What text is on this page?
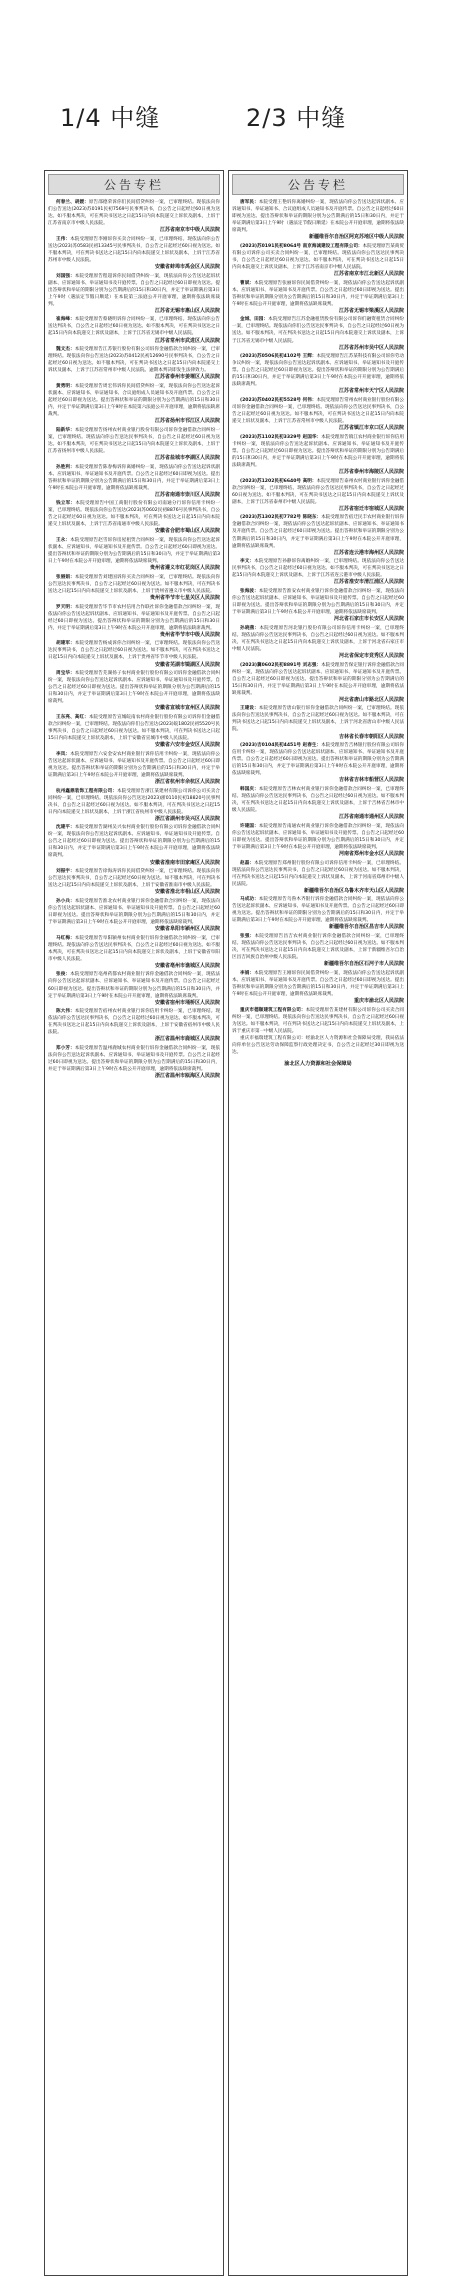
1/4 中缝	2/3 中缝
公告专栏

何春兰、胡媛：原告邵德荣诉你们民间借贷纠纷一案，已审理终结。现依法向你们公告送达(2023)苏0191民初7569号民事判决书，自公告之日起经过60日视为送达。如不服本判决，可在判决书送达之日起15日内向本院递交上诉状及副本，上诉于江苏省南京市中级人民法院。

江苏省南京市中级人民法院

王伟：本院受理原告李刚诉你买卖合同纠纷一案，已审理终结。现依法向你公告送达(2023)苏0583民初13345号民事判决书，自公告之日起经过60日视为送达。如不服本判决，可在判决书送达之日起15日内向本院递交上诉状及副本，上诉于江苏省苏州市中级人民法院。

安徽省蚌埠市禹会区人民法院

刘国强：本院受理原告程超诉你民间借贷纠纷一案，现依法向你公告送达起诉状副本、应诉通知书、举证通知书及开庭传票。自公告之日起经过60日即视为送达。提出答辩状和举证的期限分别为公告期满后的15日和30日内，并定于举证期满后第3日上午9时（遇法定节假日顺延）在本院第三法庭公开开庭审理，逾期将依法缺席裁判。

江苏省无锡市惠山区人民法院

崔海峰：本院受理原告蔡晓明诉你合同纠纷一案，已审理终结。现依法向你公告送达判决书，自公告之日起经过60日视为送达。如不服本判决，可在判决书送达之日起15日内向本院递交上诉状及副本，上诉于江苏省无锡市中级人民法院。

江苏省常州市武进区人民法院

魏文杰：本院受理原告江苏银行股份有限公司诉你金融借款合同纠纷一案，已审理终结。现依法向你公告送达(2023)苏0412民初12690号民事判决书，自公告之日起经过60日视为送达。如不服本判决，可在判决书送达之日起15日内向本院递交上诉状及副本，上诉于江苏省常州市中级人民法院。逾期本判决即发生法律效力。

江苏省泰州市姜堰区人民法院

黄勇明：本院受理原告周宏伟诉你民间借贷纠纷一案，现依法向你公告送达起诉状副本、应诉通知书、举证通知书、合议庭组成人员通知书及开庭传票。自公告之日起经过60日即视为送达。提出答辩状和举证的期限分别为公告期满后的15日和30日内，并定于举证期满后第3日上午9时在本院第六法庭公开开庭审理，逾期将依法缺席裁判。

江苏省扬州市邗江区人民法院

陆新华：本院受理原告扬州农村商业银行股份有限公司诉你金融借款合同纠纷一案，已审理终结。现依法向你公告送达民事判决书，自公告之日起经过60日视为送达。如不服本判决，可在判决书送达之日起15日内向本院递交上诉状及副本，上诉于江苏省扬州市中级人民法院。

江苏省盐城市亭湖区人民法院

孙胜利：本院受理原告陈春梅诉你离婚纠纷一案，现依法向你公告送达起诉状副本、应诉通知书、举证通知书及开庭传票。自公告之日起经过60日即视为送达。提出答辩状和举证的期限分别为公告期满后的15日和30日内，并定于举证期满后第3日上午9时在本院公开开庭审理，逾期将依法缺席裁判。

江苏省南通市崇川区人民法院

钱立军：本院受理原告中国工商银行股份有限公司南通分行诉你信用卡纠纷一案，已审理终结。现依法向你公告送达(2023)苏0602民初8876号民事判决书，自公告之日起经过60日视为送达。如不服本判决，可在判决书送达之日起15日内向本院递交上诉状及副本，上诉于江苏省南通市中级人民法院。

安徽省合肥市蜀山区人民法院

王永：本院受理原告赵雪诉你房屋租赁合同纠纷一案，现依法向你公告送达起诉状副本、应诉通知书、举证通知书及开庭传票。自公告之日起经过60日即视为送达。提出答辩状和举证的期限分别为公告期满后的15日和30日内，并定于举证期满后第3日上午9时在本院公开开庭审理，逾期将依法缺席裁判。

贵州省遵义市红花岗区人民法院

张丽娟：本院受理原告刘建国诉你买卖合同纠纷一案，已审理终结。现依法向你公告送达民事判决书，自公告之日起经过60日视为送达。如不服本判决，可在判决书送达之日起15日内向本院递交上诉状及副本，上诉于贵州省遵义市中级人民法院。

贵州省毕节市七星关区人民法院

罗天明：本院受理原告毕节市农村信用合作联社诉你金融借款合同纠纷一案，现依法向你公告送达起诉状副本、应诉通知书、举证通知书及开庭传票。自公告之日起经过60日即视为送达。提出答辩状和举证的期限分别为公告期满后的15日和30日内，并定于举证期满后第3日上午9时在本院公开开庭审理，逾期将依法缺席裁判。

贵州省毕节市中级人民法院

胡建军：本院受理原告杨成诉你合同纠纷一案，已审理终结。现依法向你公告送达民事判决书，自公告之日起经过60日视为送达。如不服本判决，可在判决书送达之日起15日内向本院递交上诉状及副本，上诉于贵州省毕节市中级人民法院。

安徽省芜湖市镜湖区人民法院

周宝华：本院受理原告芜湖扬子农村商业银行股份有限公司诉你金融借款合同纠纷一案，现依法向你公告送达起诉状副本、应诉通知书、举证通知书及开庭传票。自公告之日起经过60日即视为送达。提出答辩状和举证的期限分别为公告期满后的15日和30日内，并定于举证期满后第3日上午9时在本院公开开庭审理，逾期将依法缺席裁判。

安徽省宣城市宣州区人民法院

王东亮、高红：本院受理原告宣城皖南农村商业银行股份有限公司诉你们金融借款合同纠纷一案，已审理终结。现依法向你们公告送达(2023)皖1802民初5520号民事判决书，自公告之日起经过60日视为送达。如不服本判决，可在判决书送达之日起15日内向本院递交上诉状及副本，上诉于安徽省宣城市中级人民法院。

安徽省六安市金安区人民法院

李凤：本院受理原告六安金安农村商业银行诉你信用卡纠纷一案，现依法向你公告送达起诉状副本、应诉通知书、举证通知书及开庭传票。自公告之日起经过60日即视为送达。提出答辩状和举证的期限分别为公告期满后的15日和30日内，并定于举证期满后第3日上午9时在本院公开开庭审理，逾期将依法缺席裁判。

浙江省杭州市余杭区人民法院

杭州鑫鼎装饰工程有限公司：本院受理原告浙江某建材有限公司诉你公司买卖合同纠纷一案，已审理终结。现依法向你公告送达(2023)浙0110民初18820号民事判决书，自公告之日起经过60日视为送达。如不服本判决，可在判决书送达之日起15日内向本院递交上诉状及副本，上诉于浙江省杭州市中级人民法院。

浙江省湖州市吴兴区人民法院

沈建平：本院受理原告湖州吴兴农村商业银行股份有限公司诉你金融借款合同纠纷一案，现依法向你公告送达起诉状副本、应诉通知书、举证通知书及开庭传票。自公告之日起经过60日即视为送达。提出答辩状和举证的期限分别为公告期满后的15日和30日内，并定于举证期满后第3日上午9时在本院公开开庭审理，逾期将依法缺席裁判。

安徽省淮南市田家庵区人民法院

刘振宇：本院受理原告徐海涛诉你民间借贷纠纷一案，已审理终结。现依法向你公告送达民事判决书，自公告之日起经过60日视为送达。如不服本判决，可在判决书送达之日起15日内向本院递交上诉状及副本，上诉于安徽省淮南市中级人民法院。

安徽省淮北市相山区人民法院

孙小兵：本院受理原告淮北农村商业银行诉你金融借款合同纠纷一案，现依法向你公告送达起诉状副本、应诉通知书、举证通知书及开庭传票。自公告之日起经过60日即视为送达。提出答辩状和举证的期限分别为公告期满后的15日和30日内，并定于举证期满后第3日上午9时在本院公开开庭审理，逾期将依法缺席裁判。

安徽省阜阳市颍州区人民法院

马红梅：本院受理原告阜阳颍州农村商业银行诉你金融借款合同纠纷一案，已审理终结。现依法向你公告送达民事判决书，自公告之日起经过60日视为送达。如不服本判决，可在判决书送达之日起15日内向本院递交上诉状及副本，上诉于安徽省阜阳市中级人民法院。

安徽省亳州市谯城区人民法院

张俊：本院受理原告亳州药都农村商业银行诉你金融借款合同纠纷一案，现依法向你公告送达起诉状副本、应诉通知书、举证通知书及开庭传票。自公告之日起经过60日即视为送达。提出答辩状和举证的期限分别为公告期满后的15日和30日内，并定于举证期满后第3日上午9时在本院公开开庭审理，逾期将依法缺席裁判。

安徽省宿州市埇桥区人民法院

陈大伟：本院受理原告宿州农村商业银行诉你信用卡纠纷一案，已审理终结。现依法向你公告送达民事判决书，自公告之日起经过60日视为送达。如不服本判决，可在判决书送达之日起15日内向本院递交上诉状及副本，上诉于安徽省宿州市中级人民法院。

浙江省温州市鹿城区人民法院

郑小芳：本院受理原告温州鹿城农村商业银行诉你金融借款合同纠纷一案，现依法向你公告送达起诉状副本、应诉通知书、举证通知书及开庭传票。自公告之日起经过60日即视为送达。提出答辩状和举证的期限分别为公告期满后的15日和30日内，并定于举证期满后第3日上午9时在本院公开开庭审理，逾期将依法缺席裁判。

浙江省温州市瓯海区人民法院

公告专栏

唐军民：本院受理王艳诉你离婚纠纷一案，现依法向你公告送达起诉状副本、应诉通知书、举证通知书、合议庭组成人员通知书及开庭传票。自公告之日起经过60日即视为送达。提出答辩状和举证的期限分别为公告期满后的15日和30日内，并定于举证期满后第3日上午9时（遇法定节假日顺延）在本院公开开庭审理，逾期将依法缺席裁判。

新疆维吾尔自治区阿克苏地区中级人民法院

(2023)苏0191民初8064号 南京海诚建设工程有限公司：本院受理原告某商贸有限公司诉你公司买卖合同纠纷一案，已审理终结。现依法向你公告送达民事判决书，自公告之日起经过60日视为送达。如不服本判决，可在判决书送达之日起15日内向本院递交上诉状及副本，上诉于江苏省南京市中级人民法院。

江苏省南京市江北新区人民法院

曹斌：本院受理原告张丽诉你民间借贷纠纷一案，现依法向你公告送达起诉状副本、应诉通知书、举证通知书及开庭传票。自公告之日起经过60日即视为送达。提出答辩状和举证的期限分别为公告期满后的15日和30日内，并定于举证期满后第3日上午9时在本院公开开庭审理，逾期将依法缺席裁判。

江苏省无锡市梁溪区人民法院

金城、田园：本院受理原告江苏金融租赁股份有限公司诉你们融资租赁合同纠纷一案，已审理终结。现依法向你们公告送达民事判决书，自公告之日起经过60日视为送达。如不服本判决，可在判决书送达之日起15日内向本院递交上诉状及副本，上诉于江苏省无锡市中级人民法院。

江苏省苏州市吴中区人民法院

(2023)苏0506民初4102号 王辉：本院受理原告江苏某科技有限公司诉你劳动争议纠纷一案，现依法向你公告送达起诉状副本、应诉通知书、举证通知书及开庭传票。自公告之日起经过60日即视为送达。提出答辩状和举证的期限分别为公告期满后的15日和30日内，并定于举证期满后第3日上午9时在本院公开开庭审理，逾期将依法缺席裁判。

江苏省常州市天宁区人民法院

(2023)苏0402民初5528号 何伟：本院受理原告常州农村商业银行股份有限公司诉你金融借款合同纠纷一案，已审理终结。现依法向你公告送达民事判决书，自公告之日起经过60日视为送达。如不服本判决，可在判决书送达之日起15日内向本院递交上诉状及副本，上诉于江苏省常州市中级人民法院。

江苏省镇江市京口区人民法院

(2023)苏1102民初3329号 赵国华：本院受理原告镇江农村商业银行诉你信用卡纠纷一案，现依法向你公告送达起诉状副本、应诉通知书、举证通知书及开庭传票。自公告之日起经过60日即视为送达。提出答辩状和举证的期限分别为公告期满后的15日和30日内，并定于举证期满后第3日上午9时在本院公开开庭审理，逾期将依法缺席裁判。

江苏省泰州市海陵区人民法院

(2023)苏1202民初6640号 高明：本院受理原告泰州农村商业银行诉你金融借款合同纠纷一案，已审理终结。现依法向你公告送达民事判决书，自公告之日起经过60日视为送达。如不服本判决，可在判决书送达之日起15日内向本院递交上诉状及副本，上诉于江苏省泰州市中级人民法院。

江苏省宿迁市宿城区人民法院

(2023)苏1302民初7782号 陈晓东：本院受理原告宿迁民丰农村商业银行诉你金融借款合同纠纷一案，现依法向你公告送达起诉状副本、应诉通知书、举证通知书及开庭传票。自公告之日起经过60日即视为送达。提出答辩状和举证的期限分别为公告期满后的15日和30日内，并定于举证期满后第3日上午9时在本院公开开庭审理，逾期将依法缺席裁判。

江苏省连云港市海州区人民法院

李文：本院受理原告孙静诉你离婚纠纷一案，已审理终结。现依法向你公告送达民事判决书，自公告之日起经过60日视为送达。如不服本判决，可在判决书送达之日起15日内向本院递交上诉状及副本，上诉于江苏省连云港市中级人民法院。

江苏省淮安市清江浦区人民法院

张海波：本院受理原告淮安农村商业银行诉你金融借款合同纠纷一案，现依法向你公告送达起诉状副本、应诉通知书、举证通知书及开庭传票。自公告之日起经过60日即视为送达。提出答辩状和举证的期限分别为公告期满后的15日和30日内，并定于举证期满后第3日上午9时在本院公开开庭审理，逾期将依法缺席裁判。

河北省石家庄市长安区人民法院

孙晓燕：本院受理原告河北银行股份有限公司诉你信用卡纠纷一案，已审理终结。现依法向你公告送达民事判决书，自公告之日起经过60日视为送达。如不服本判决，可在判决书送达之日起15日内向本院递交上诉状及副本，上诉于河北省石家庄市中级人民法院。

河北省保定市竞秀区人民法院

(2023)冀0602民初8891号 刘志强：本院受理原告保定银行诉你金融借款合同纠纷一案，现依法向你公告送达起诉状副本、应诉通知书、举证通知书及开庭传票。自公告之日起经过60日即视为送达。提出答辩状和举证的期限分别为公告期满后的15日和30日内，并定于举证期满后第3日上午9时在本院公开开庭审理，逾期将依法缺席裁判。

河北省唐山市路北区人民法院

王建设：本院受理原告唐山银行诉你金融借款合同纠纷一案，已审理终结。现依法向你公告送达民事判决书，自公告之日起经过60日视为送达。如不服本判决，可在判决书送达之日起15日内向本院递交上诉状及副本，上诉于河北省唐山市中级人民法院。

吉林省长春市朝阳区人民法院

(2023)吉0104民初4451号 赵春生：本院受理原告吉林银行股份有限公司诉你信用卡纠纷一案，现依法向你公告送达起诉状副本、应诉通知书、举证通知书及开庭传票。自公告之日起经过60日即视为送达。提出答辩状和举证的期限分别为公告期满后的15日和30日内，并定于举证期满后第3日上午9时在本院公开开庭审理，逾期将依法缺席裁判。

吉林省吉林市船营区人民法院

韩国庆：本院受理原告吉林农村商业银行诉你金融借款合同纠纷一案，已审理终结。现依法向你公告送达民事判决书，自公告之日起经过60日视为送达。如不服本判决，可在判决书送达之日起15日内向本院递交上诉状及副本，上诉于吉林省吉林市中级人民法院。

江苏省南通市通州区人民法院

许建国：本院受理原告南通农村商业银行诉你金融借款合同纠纷一案，现依法向你公告送达起诉状副本、应诉通知书、举证通知书及开庭传票。自公告之日起经过60日即视为送达。提出答辩状和举证的期限分别为公告期满后的15日和30日内，并定于举证期满后第3日上午9时在本院公开开庭审理，逾期将依法缺席裁判。

河南省郑州市金水区人民法院

赵磊：本院受理原告郑州银行股份有限公司诉你信用卡纠纷一案，已审理终结。现依法向你公告送达民事判决书，自公告之日起经过60日视为送达。如不服本判决，可在判决书送达之日起15日内向本院递交上诉状及副本，上诉于河南省郑州市中级人民法院。

新疆维吾尔自治区乌鲁木齐市天山区人民法院

马成功：本院受理原告乌鲁木齐银行诉你金融借款合同纠纷一案，现依法向你公告送达起诉状副本、应诉通知书、举证通知书及开庭传票。自公告之日起经过60日即视为送达。提出答辩状和举证的期限分别为公告期满后的15日和30日内，并定于举证期满后第3日上午9时在本院公开开庭审理，逾期将依法缺席裁判。

新疆维吾尔自治区昌吉市人民法院

张强：本院受理原告昌吉农村商业银行诉你金融借款合同纠纷一案，已审理终结。现依法向你公告送达民事判决书，自公告之日起经过60日视为送达。如不服本判决，可在判决书送达之日起15日内向本院递交上诉状及副本，上诉于新疆维吾尔自治区昌吉回族自治州中级人民法院。

新疆维吾尔自治区石河子市人民法院

李娟：本院受理原告王刚诉你民间借贷纠纷一案，现依法向你公告送达起诉状副本、应诉通知书、举证通知书及开庭传票。自公告之日起经过60日即视为送达。提出答辩状和举证的期限分别为公告期满后的15日和30日内，并定于举证期满后第3日上午9时在本院公开开庭审理，逾期将依法缺席裁判。

重庆市渝北区人民法院

重庆市德顺建筑工程有限公司：本院受理原告某建材有限公司诉你公司买卖合同纠纷一案，已审理终结。现依法向你公告送达民事判决书，自公告之日起经过60日视为送达。如不服本判决，可在判决书送达之日起15日内向本院递交上诉状及副本，上诉于重庆市第一中级人民法院。

重庆市福瑞建筑工程有限公司：经渝北区人力资源和社会保障局受理，我局依法向你单位公告送达劳动保障监察行政处理决定书，自公告之日起经过30日即视为送达。

渝北区人力资源和社会保障局
